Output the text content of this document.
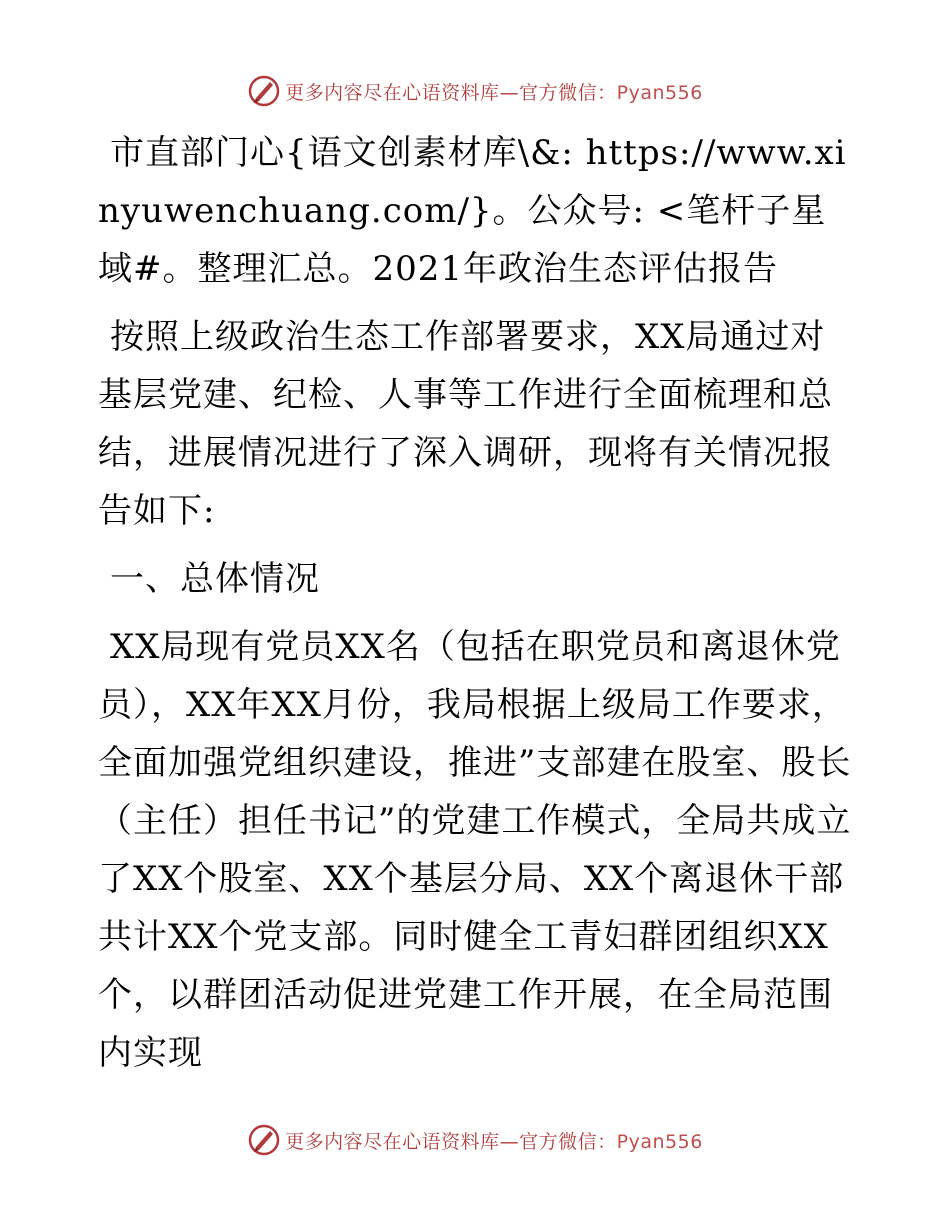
更多内容尽在心语资料库—官方微信：Pyan556

市直部门心{语文创素材库\&: https://www.xinyuwenchuang.com/}。公众号: <笔杆子星域#。整理汇总。2021年政治生态评估报告

按照上级政治生态工作部署要求，XX局通过对基层党建、纪检、人事等工作进行全面梳理和总结，进展情况进行了深入调研，现将有关情况报告如下:

一、总体情况

XX局现有党员XX名（包括在职党员和离退休党员），XX年XX月份，我局根据上级局工作要求，全面加强党组织建设，推进”支部建在股室、股长（主任）担任书记”的党建工作模式，全局共成立了XX个股室、XX个基层分局、XX个离退休干部共计XX个党支部。同时健全工青妇群团组织XX个，以群团活动促进党建工作开展，在全局范围内实现

更多内容尽在心语资料库—官方微信：Pyan556
